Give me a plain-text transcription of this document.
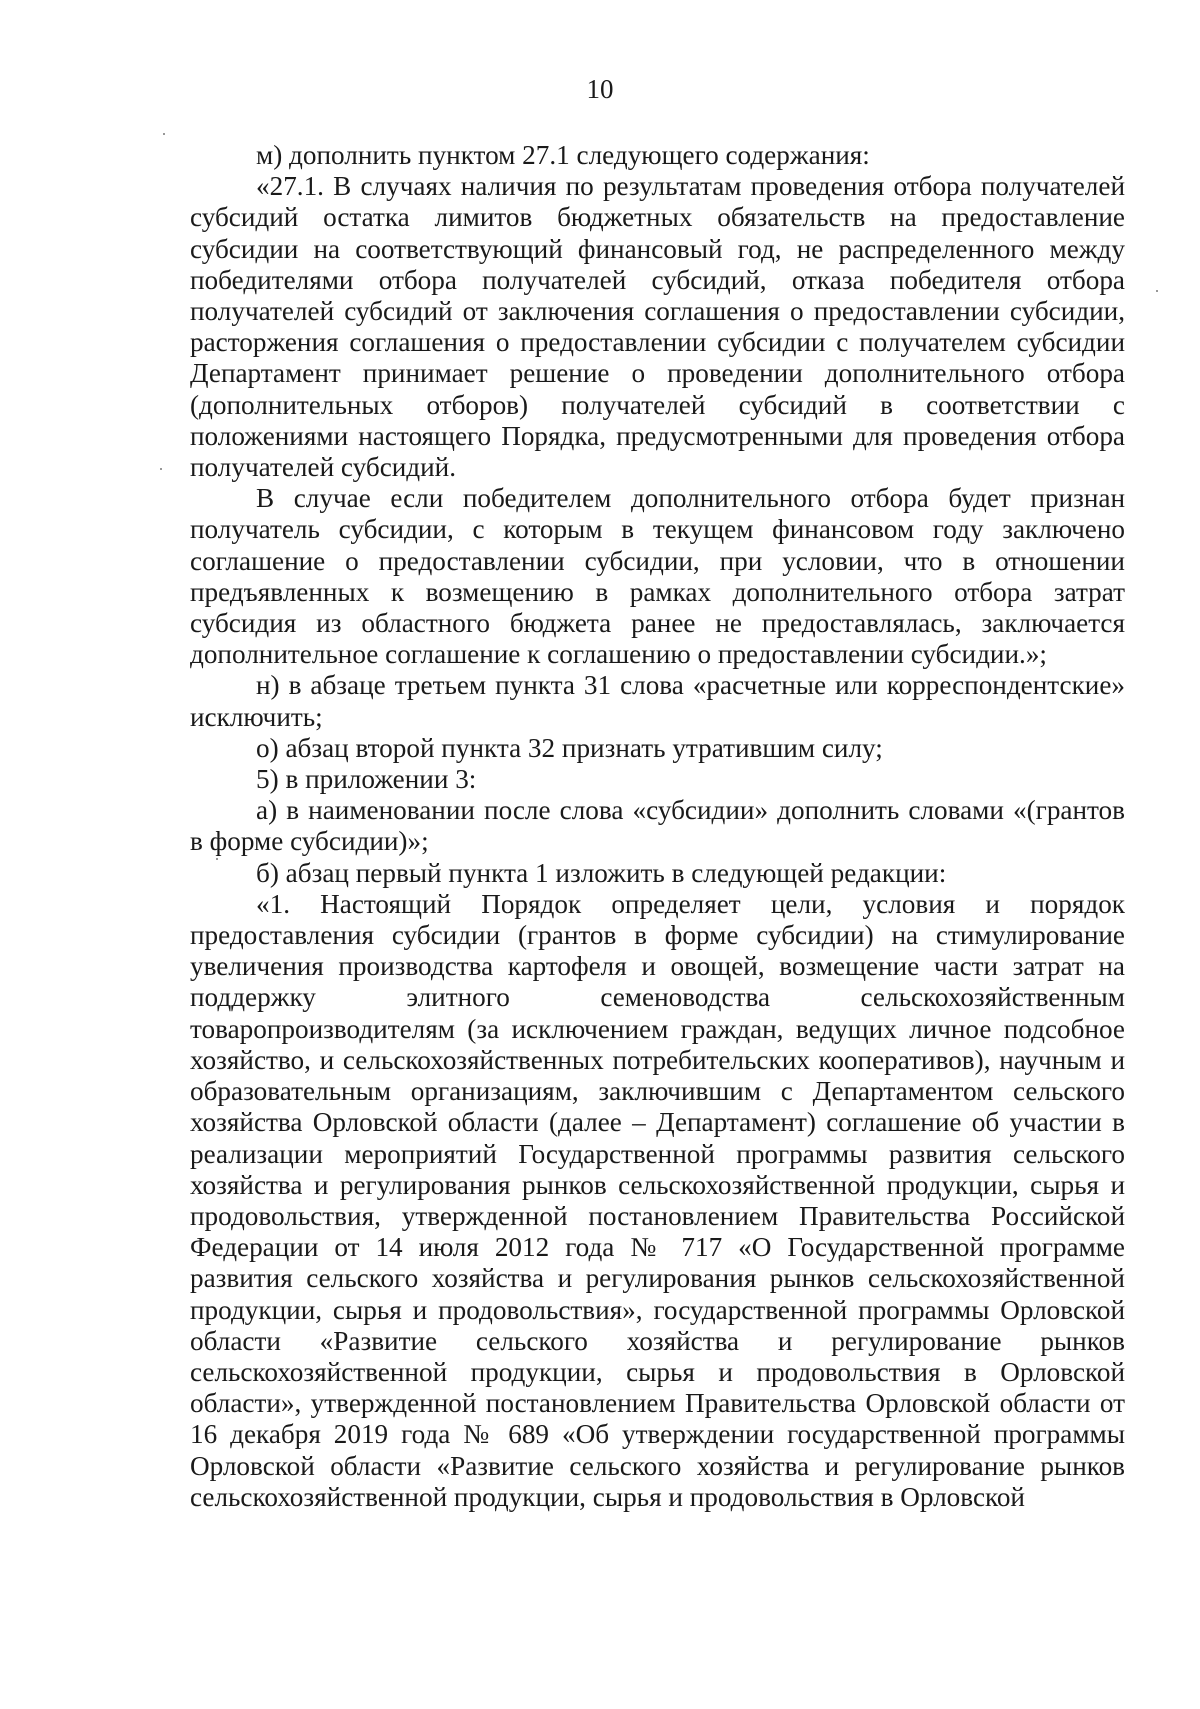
10

м) дополнить пунктом 27.1 следующего содержания:

«27.1. В случаях наличия по результатам проведения отбора получателей субсидий остатка лимитов бюджетных обязательств на предоставление субсидии на соответствующий финансовый год, не распределенного между победителями отбора получателей субсидий, отказа победителя отбора получателей субсидий от заключения соглашения о предоставлении субсидии, расторжения соглашения о предоставлении субсидии с получателем субсидии Департамент принимает решение о проведении дополнительного отбора (дополнительных отборов) получателей субсидий в соответствии с положениями настоящего Порядка, предусмотренными для проведения отбора получателей субсидий.

В случае если победителем дополнительного отбора будет признан получатель субсидии, с которым в текущем финансовом году заключено соглашение о предоставлении субсидии, при условии, что в отношении предъявленных к возмещению в рамках дополнительного отбора затрат субсидия из областного бюджета ранее не предоставлялась, заключается дополнительное соглашение к соглашению о предоставлении субсидии.»;

н) в абзаце третьем пункта 31 слова «расчетные или корреспондентские» исключить;

о) абзац второй пункта 32 признать утратившим силу;

5) в приложении 3:

а) в наименовании после слова «субсидии» дополнить словами «(грантов в форме субсидии)»;

б) абзац первый пункта 1 изложить в следующей редакции:

«1. Настоящий Порядок определяет цели, условия и порядок предоставления субсидии (грантов в форме субсидии) на стимулирование увеличения производства картофеля и овощей, возмещение части затрат на поддержку элитного семеноводства сельскохозяйственным товаропроизводителям (за исключением граждан, ведущих личное подсобное хозяйство, и сельскохозяйственных потребительских кооперативов), научным и образовательным организациям, заключившим с Департаментом сельского хозяйства Орловской области (далее – Департамент) соглашение об участии в реализации мероприятий Государственной программы развития сельского хозяйства и регулирования рынков сельскохозяйственной продукции, сырья и продовольствия, утвержденной постановлением Правительства Российской Федерации от 14 июля 2012 года № 717 «О Государственной программе развития сельского хозяйства и регулирования рынков сельскохозяйственной продукции, сырья и продовольствия», государственной программы Орловской области «Развитие сельского хозяйства и регулирование рынков сельскохозяйственной продукции, сырья и продовольствия в Орловской области», утвержденной постановлением Правительства Орловской области от 16 декабря 2019 года № 689 «Об утверждении государственной программы Орловской области «Развитие сельского хозяйства и регулирование рынков сельскохозяйственной продукции, сырья и продовольствия в Орловской
